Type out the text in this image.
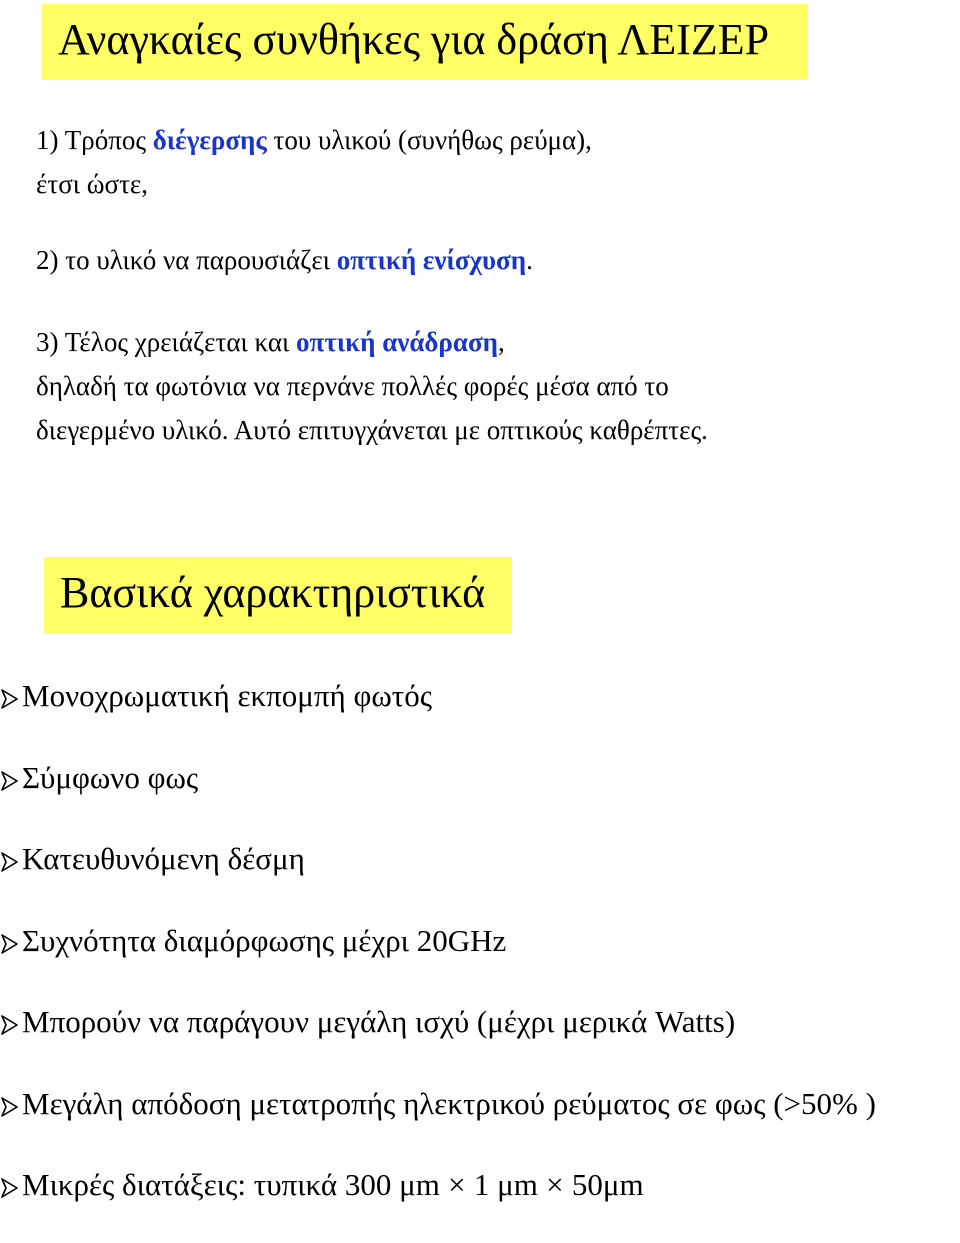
Αναγκαίες συνθήκες για δράση ΛΕΙΖΕΡ
1) Τρόπος διέγερσης του υλικού (συνήθως ρεύμα),
έτσι ώστε,
2) το υλικό να παρουσιάζει οπτική ενίσχυση.
3) Τέλος χρειάζεται και οπτική ανάδραση,
δηλαδή τα φωτόνια να περνάνε πολλές φορές μέσα από το
διεγερμένο υλικό. Αυτό επιτυγχάνεται με οπτικούς καθρέπτες.
Βασικά χαρακτηριστικά
Μονοχρωματική εκπομπή φωτός
Σύμφωνο φως
Κατευθυνόμενη δέσμη
Συχνότητα διαμόρφωσης μέχρι 20GHz
Μπορούν να παράγουν μεγάλη ισχύ (μέχρι μερικά Watts)
Μεγάλη απόδοση μετατροπής ηλεκτρικού ρεύματος σε φως (>50% )
Μικρές διατάξεις: τυπικά 300 μm×1 μm×50μm
